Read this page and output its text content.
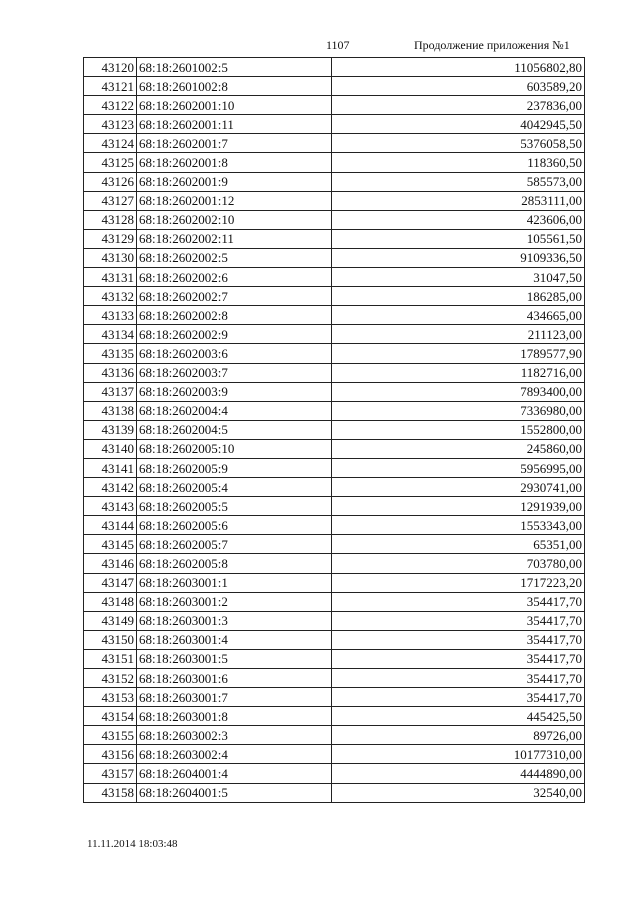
1107	Продолжение приложения №1
43120	68:18:2601002:5	11056802,80
43121	68:18:2601002:8	603589,20
43122	68:18:2602001:10	237836,00
43123	68:18:2602001:11	4042945,50
43124	68:18:2602001:7	5376058,50
43125	68:18:2602001:8	118360,50
43126	68:18:2602001:9	585573,00
43127	68:18:2602001:12	2853111,00
43128	68:18:2602002:10	423606,00
43129	68:18:2602002:11	105561,50
43130	68:18:2602002:5	9109336,50
43131	68:18:2602002:6	31047,50
43132	68:18:2602002:7	186285,00
43133	68:18:2602002:8	434665,00
43134	68:18:2602002:9	211123,00
43135	68:18:2602003:6	1789577,90
43136	68:18:2602003:7	1182716,00
43137	68:18:2602003:9	7893400,00
43138	68:18:2602004:4	7336980,00
43139	68:18:2602004:5	1552800,00
43140	68:18:2602005:10	245860,00
43141	68:18:2602005:9	5956995,00
43142	68:18:2602005:4	2930741,00
43143	68:18:2602005:5	1291939,00
43144	68:18:2602005:6	1553343,00
43145	68:18:2602005:7	65351,00
43146	68:18:2602005:8	703780,00
43147	68:18:2603001:1	1717223,20
43148	68:18:2603001:2	354417,70
43149	68:18:2603001:3	354417,70
43150	68:18:2603001:4	354417,70
43151	68:18:2603001:5	354417,70
43152	68:18:2603001:6	354417,70
43153	68:18:2603001:7	354417,70
43154	68:18:2603001:8	445425,50
43155	68:18:2603002:3	89726,00
43156	68:18:2603002:4	10177310,00
43157	68:18:2604001:4	4444890,00
43158	68:18:2604001:5	32540,00
11.11.2014 18:03:48
